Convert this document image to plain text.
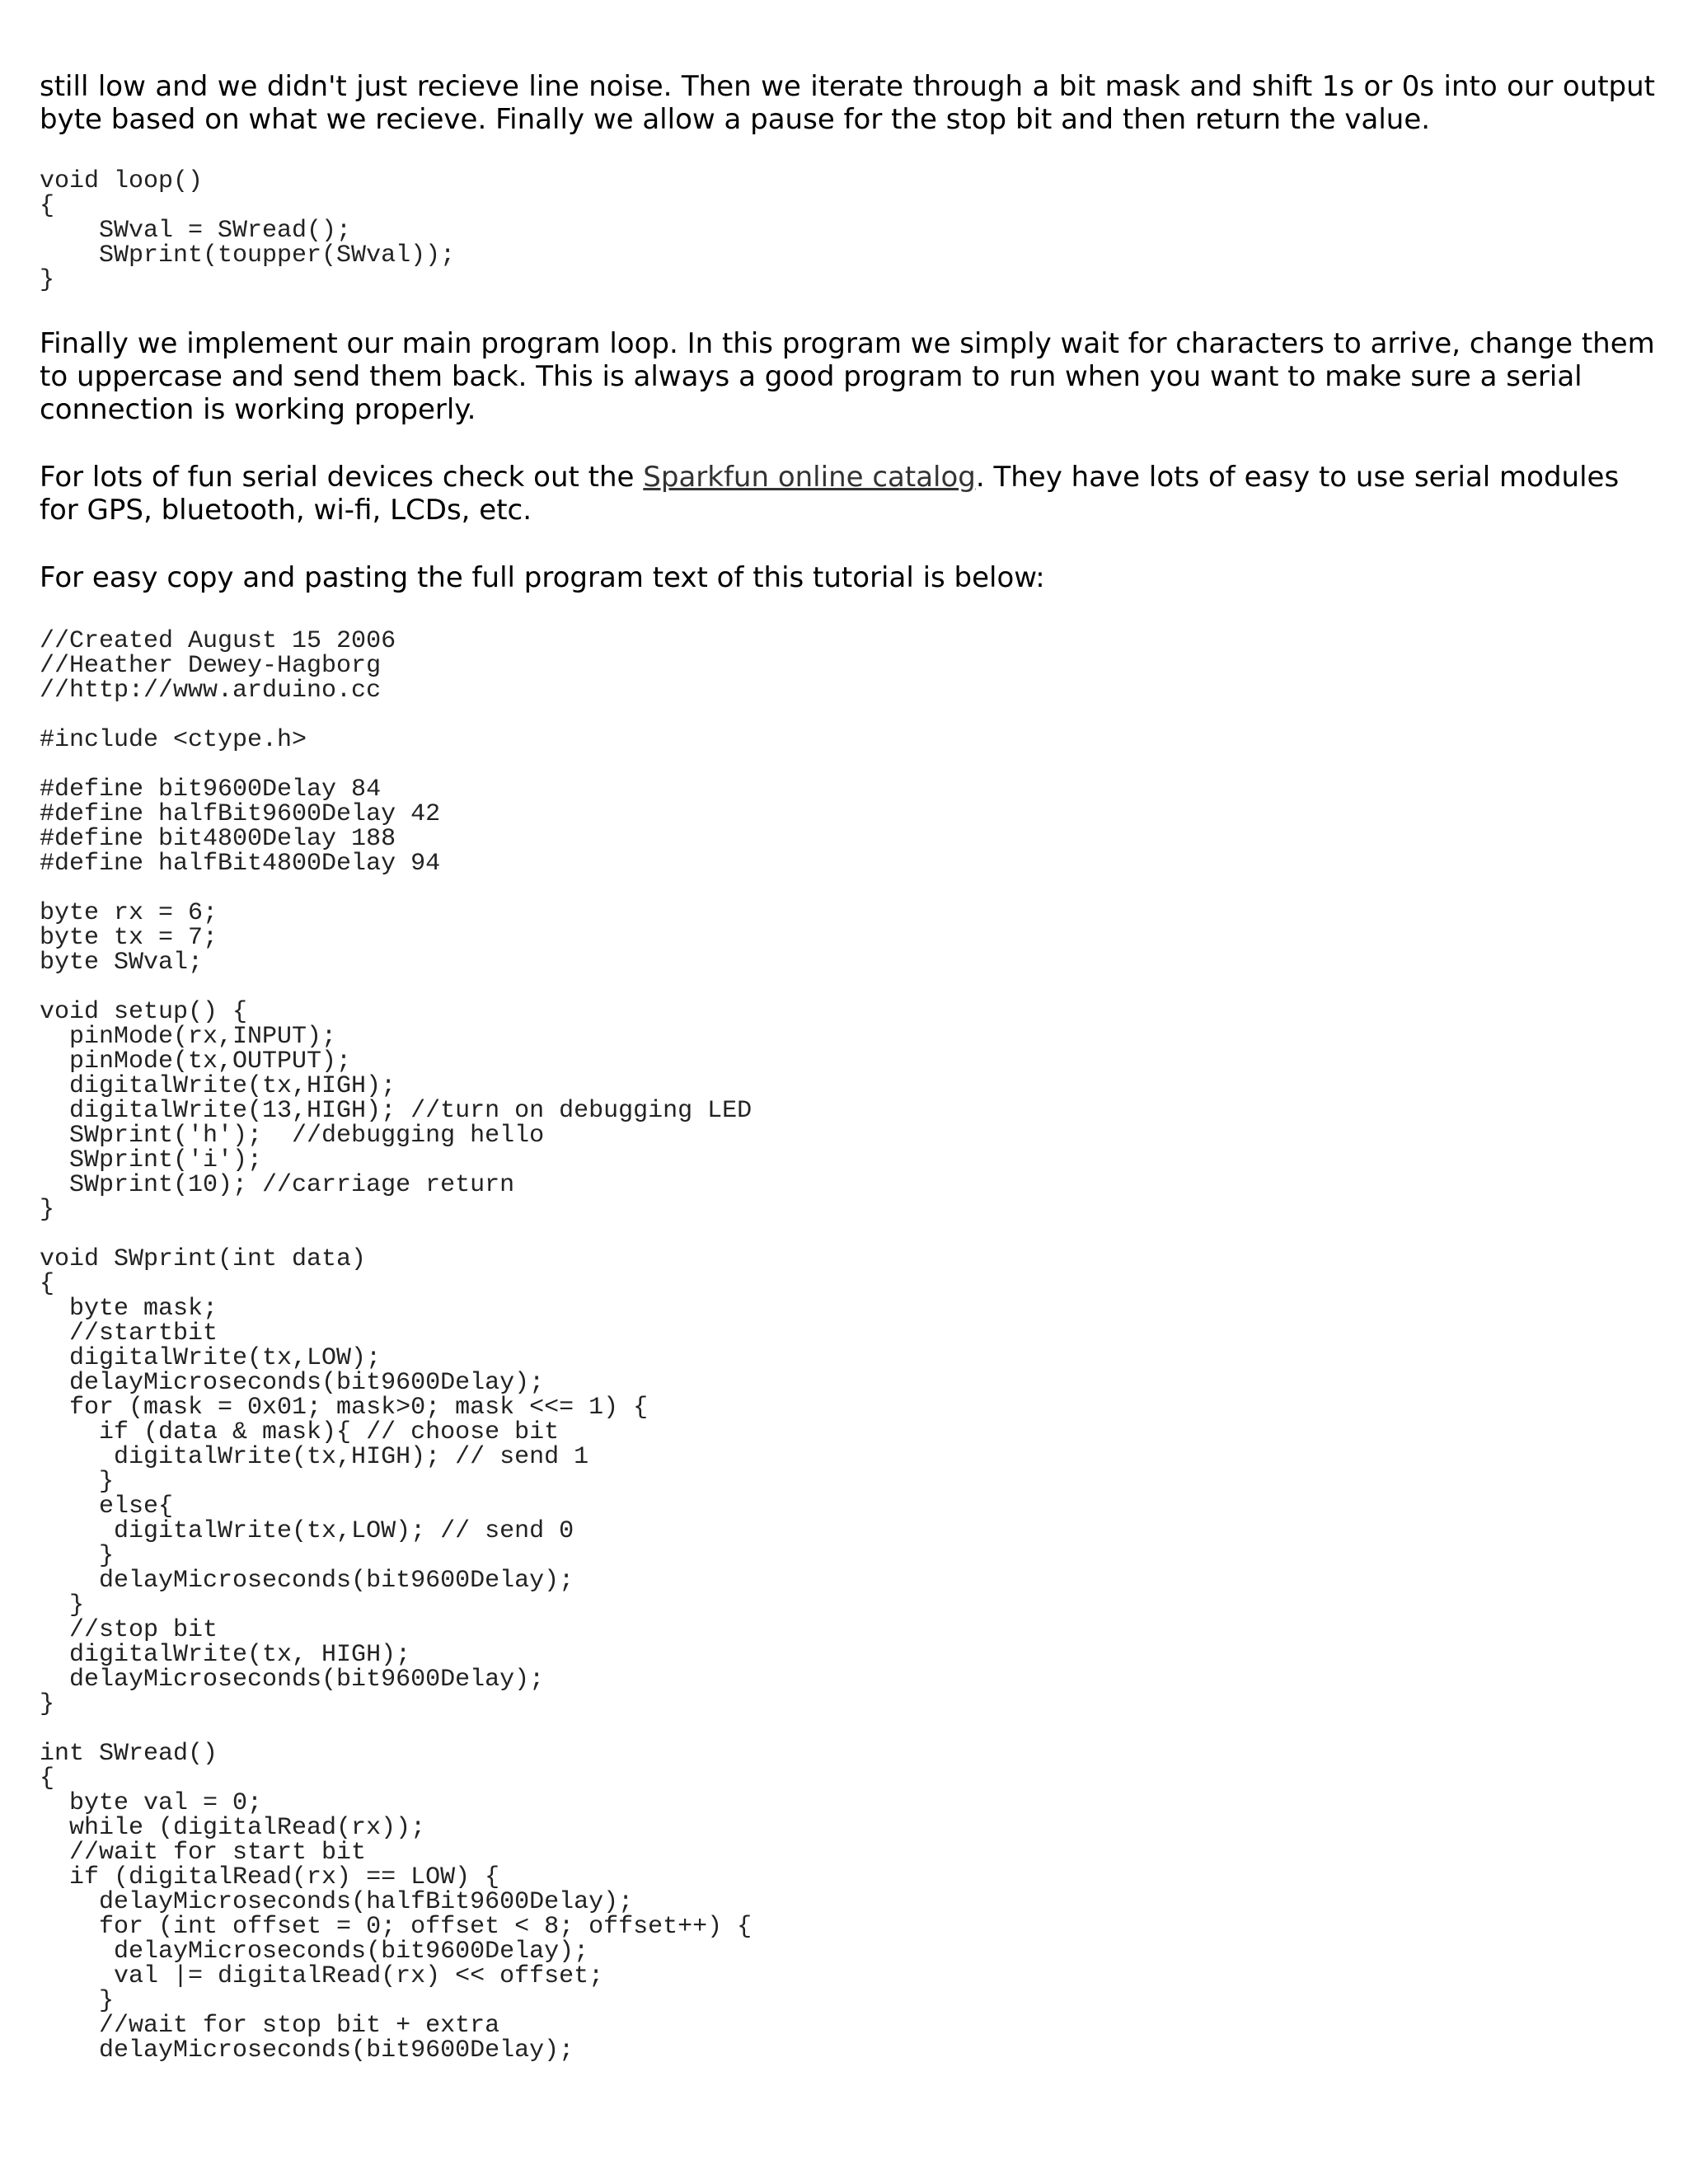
still low and we didn't just recieve line noise. Then we iterate through a bit mask and shift 1s or 0s into our output byte based on what we recieve. Finally we allow a pause for the stop bit and then return the value.

void loop()
{
SWval = SWread();
SWprint(toupper(SWval));
}

Finally we implement our main program loop. In this program we simply wait for characters to arrive, change them to uppercase and send them back. This is always a good program to run when you want to make sure a serial connection is working properly.

For lots of fun serial devices check out the Sparkfun online catalog. They have lots of easy to use serial modules for GPS, bluetooth, wi-fi, LCDs, etc.

For easy copy and pasting the full program text of this tutorial is below:

//Created August 15 2006
//Heather Dewey-Hagborg
//http://www.arduino.cc

#include <ctype.h>

#define bit9600Delay 84
#define halfBit9600Delay 42
#define bit4800Delay 188
#define halfBit4800Delay 94

byte rx = 6;
byte tx = 7;
byte SWval;

void setup() {
pinMode(rx,INPUT);
pinMode(tx,OUTPUT);
digitalWrite(tx,HIGH);
digitalWrite(13,HIGH); //turn on debugging LED
SWprint('h');  //debugging hello
SWprint('i');
SWprint(10); //carriage return
}

void SWprint(int data)
{
byte mask;
//startbit
digitalWrite(tx,LOW);
delayMicroseconds(bit9600Delay);
for (mask = 0x01; mask>0; mask <<= 1) {
if (data & mask){ // choose bit
digitalWrite(tx,HIGH); // send 1
}
else{
digitalWrite(tx,LOW); // send 0
}
delayMicroseconds(bit9600Delay);
}
//stop bit
digitalWrite(tx, HIGH);
delayMicroseconds(bit9600Delay);
}

int SWread()
{
byte val = 0;
while (digitalRead(rx));
//wait for start bit
if (digitalRead(rx) == LOW) {
delayMicroseconds(halfBit9600Delay);
for (int offset = 0; offset < 8; offset++) {
delayMicroseconds(bit9600Delay);
val |= digitalRead(rx) << offset;
}
//wait for stop bit + extra
delayMicroseconds(bit9600Delay);
